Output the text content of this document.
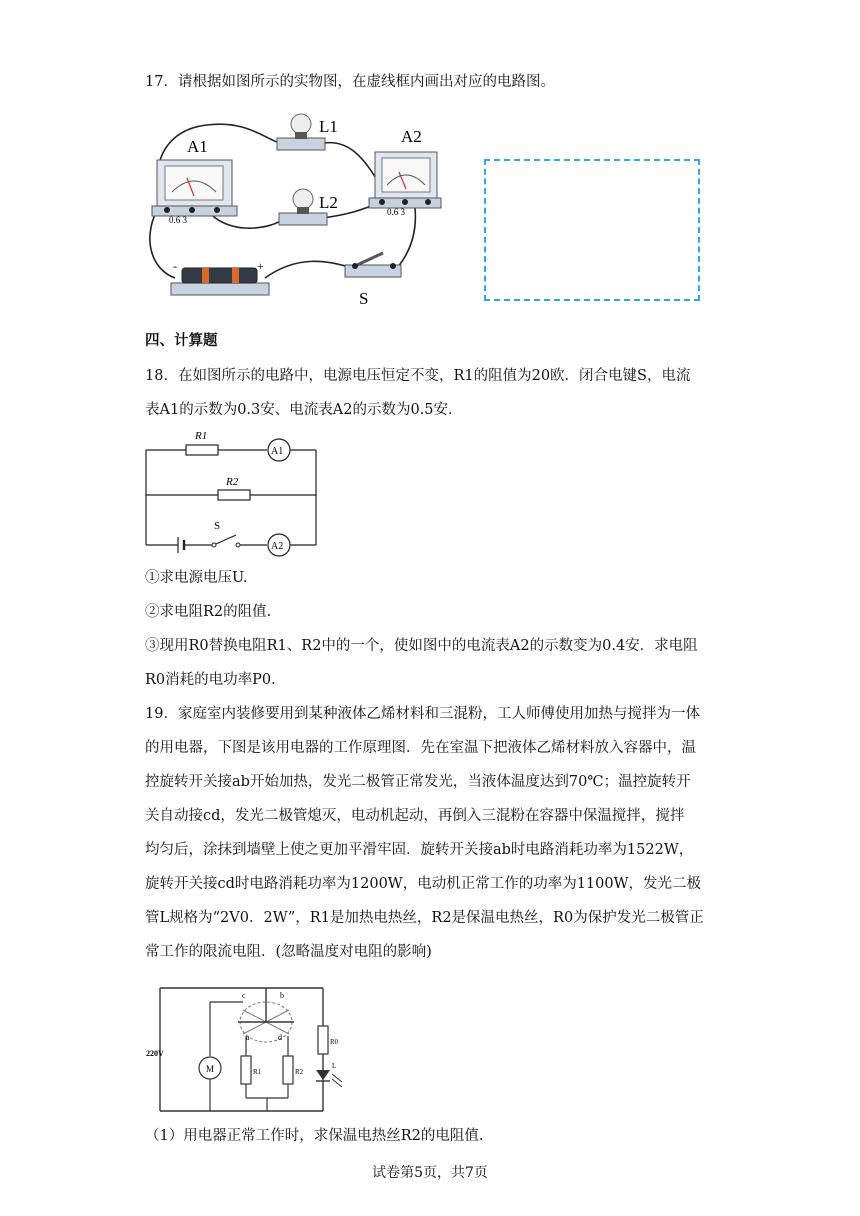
17．请根据如图所示的实物图，在虚线框内画出对应的电路图。
A1
0.6 3
L1
L2
A2
0.6 3
-	+
S
四、计算题
18．在如图所示的电路中，电源电压恒定不变，R1的阻值为20欧．闭合电键S，电流
表A1的示数为0.3安、电流表A2的示数为0.5安．
R1
R2
S
A1
A2
①求电源电压U.
②求电阻R2的阻值.
③现用R0替换电阻R1、R2中的一个，使如图中的电流表A2的示数变为0.4安．求电阻
R0消耗的电功率P0.
19．家庭室内装修要用到某种液体乙烯材料和三混粉，工人师傅使用加热与搅拌为一体
的用电器，下图是该用电器的工作原理图．先在室温下把液体乙烯材料放入容器中，温
控旋转开关接ab开始加热，发光二极管正常发光，当液体温度达到70℃；温控旋转开
关自动接cd，发光二极管熄灭，电动机起动，再倒入三混粉在容器中保温搅拌，搅拌
均匀后，涂抹到墙壁上使之更加平滑牢固．旋转开关接ab时电路消耗功率为1522W，
旋转开关接cd时电路消耗功率为1200W，电动机正常工作的功率为1100W，发光二极
管L规格为“2V0．2W”，R1是加热电热丝，R2是保温电热丝，R0为保护发光二极管正
常工作的限流电阻．(忽略温度对电阻的影响)
220V
M	R1	R2
R0
L
a
b
c
d
（1）用电器正常工作时，求保温电热丝R2的电阻值.
试卷第5页，共7页
